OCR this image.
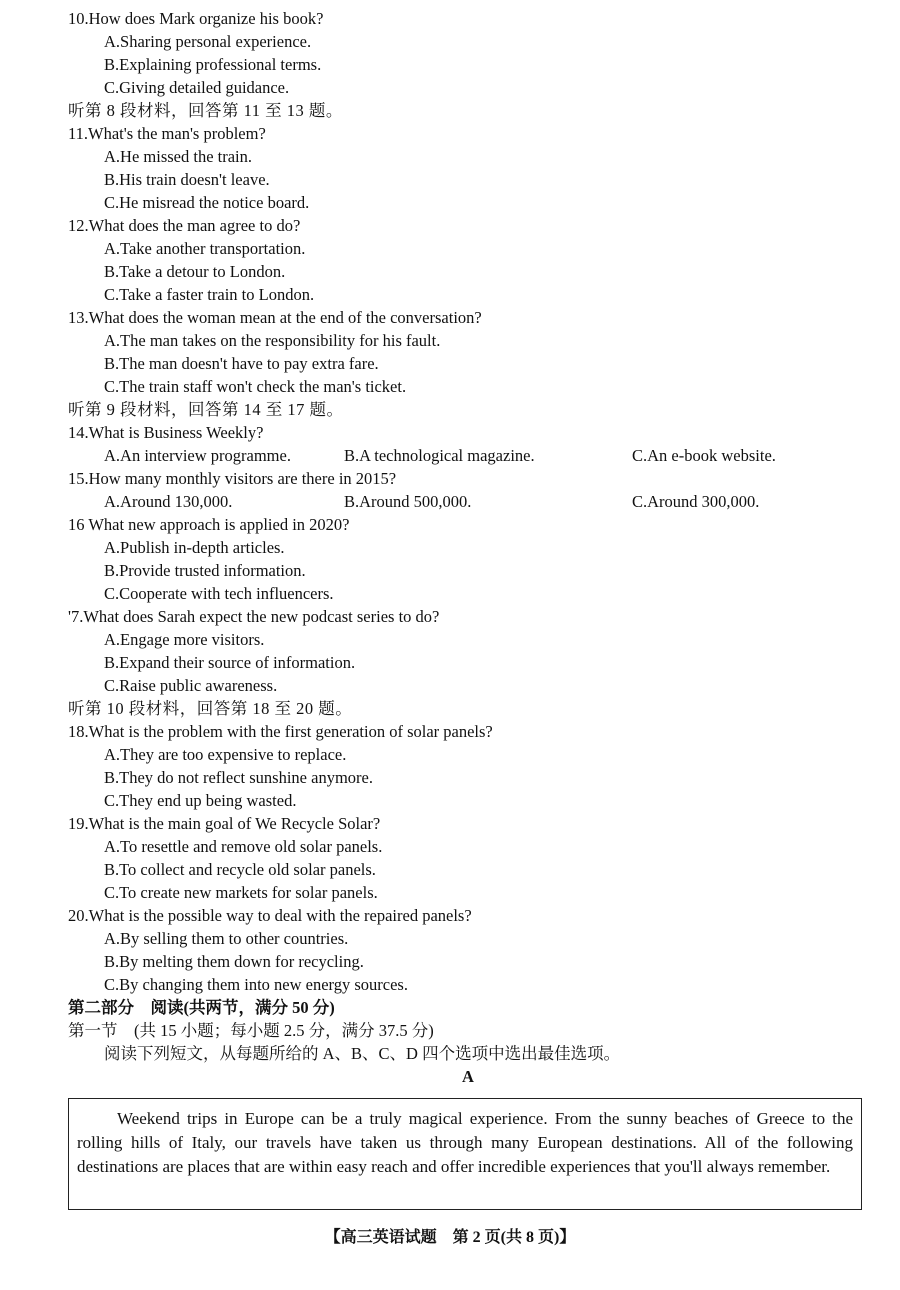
10.How does Mark organize his book?
A.Sharing personal experience.
B.Explaining professional terms.
C.Giving detailed guidance.
听第 8 段材料，回答第 11 至 13 题。
11.What's the man's problem?
A.He missed the train.
B.His train doesn't leave.
C.He misread the notice board.
12.What does the man agree to do?
A.Take another transportation.
B.Take a detour to London.
C.Take a faster train to London.
13.What does the woman mean at the end of the conversation?
A.The man takes on the responsibility for his fault.
B.The man doesn't have to pay extra fare.
C.The train staff won't check the man's ticket.
听第 9 段材料，回答第 14 至 17 题。
14.What is Business Weekly?
A.An interview programme.	B.A technological magazine.	C.An e-book website.
15.How many monthly visitors are there in 2015?
A.Around 130,000.	B.Around 500,000.	C.Around 300,000.
16 What new approach is applied in 2020?
A.Publish in-depth articles.
B.Provide trusted information.
C.Cooperate with tech influencers.
'7.What does Sarah expect the new podcast series to do?
A.Engage more visitors.
B.Expand their source of information.
C.Raise public awareness.
听第 10 段材料，回答第 18 至 20 题。
18.What is the problem with the first generation of solar panels?
A.They are too expensive to replace.
B.They do not reflect sunshine anymore.
C.They end up being wasted.
19.What is the main goal of We Recycle Solar?
A.To resettle and remove old solar panels.
B.To collect and recycle old solar panels.
C.To create new markets for solar panels.
20.What is the possible way to deal with the repaired panels?
A.By selling them to other countries.
B.By melting them down for recycling.
C.By changing them into new energy sources.
第二部分　阅读(共两节，满分 50 分)
第一节　(共 15 小题；每小题 2.5 分，满分 37.5 分)
阅读下列短文，从每题所给的 A、B、C、D 四个选项中选出最佳选项。
A

Weekend trips in Europe can be a truly magical experience. From the sunny beaches of Greece to the rolling hills of Italy, our travels have taken us through many European destinations. All of the following destinations are places that are within easy reach and offer incredible experiences that you'll always remember.

【高三英语试题　第 2 页(共 8 页)】
